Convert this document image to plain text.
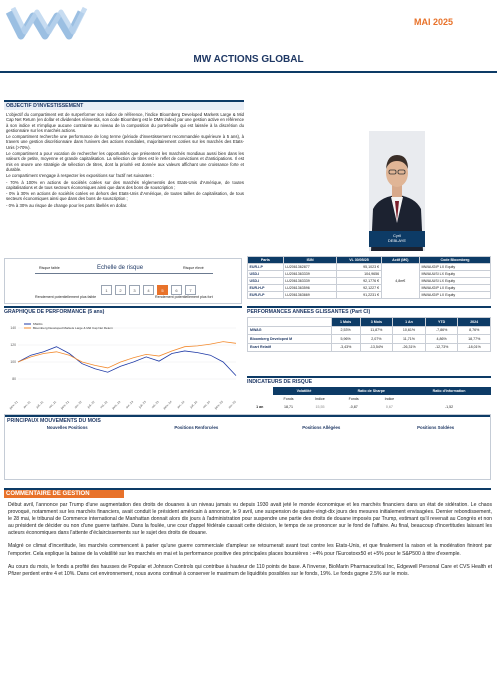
MAI 2025
MW ACTIONS GLOBAL
OBJECTIF D'INVESTISSEMENT

L'objectif du compartiment est de surperformer son indice de référence, l'indice Bloomberg Developed Markets Large & Mid Cap Net Return (en dollar et dividendes réinvestis, son code Bloomberg est le DMN index) par une gestion active en référence à son indice et n'implique aucune contrainte au niveau de la composition du portefeuille qui est laissée à la discrétion du gestionnaire sur les marchés actions.

Le compartiment recherche une performance de long terme (période d'investissement recommandée supérieure à 5 ans), à travers une gestion discrétionnaire dans l'univers des actions mondiales, majoritairement cotées sur les marchés des Etats-Unis (>70%).

Le compartiment a pour vocation de rechercher les opportunités que présentent les marchés mondiaux aussi bien dans les valeurs de petite, moyenne et grande capitalisation. La sélection de titres est le reflet de convictions et d'anticipations. Il est mis en œuvre une stratégie de sélection de titres, dont la priorité est donnée aux valeurs affichant une croissance forte et durable.

Le compartiment s'engage à respecter les expositions sur l'actif net suivantes :

- 70% à 100% en actions de sociétés cotées sur des marchés réglementés des Etats-Unis d'Amérique, de toutes capitalisations et de tous secteurs économiques ainsi que dans des bons de souscription ;

- 0% à 30% en actions de sociétés cotées en dehors des Etats-Unis d'Amérique, de toutes tailles de capitalisation, de tous secteurs économiques ainsi que dans des bons de souscription ;

- 0% à 30% au risque de change pour les parts libellés en dollar.

Cyril
DEBLAYE
Risque faible	Echelle de risque	Risque élevé
1	2	3	4	5	6	7
Rendement potentiellement plus faible	Rendement potentiellement plus fort
Parts	ISIN	VL 30/05/25	Actif (M€)	Code Bloomberg
EUR-I-P	LU2061362877	95,1023 €	4,8m€	MWAUGIP LX Equity
USD-I	LU2061363339	104,9656		MWAUUSI LX Equity
USD-I	LU2061363339	92,1776 €		MWAUUSI LX Equity
EUR-H-P	LU2061363596	92,1227 €		MWAUGIP LX Equity
EUR-R-P	LU2061363669	91,2231 €		MWAUGIP LX Equity
GRAPHIQUE DE PERFORMANCE (5 ans)
80
100
120
140
janv.-21 avr.-21 juil.-21 oct.-21 janv.-22 avr.-22 juil.-22 oct.-22 janv.-23 avr.-23 juil.-23 oct.-23 janv.-24 avr.-24 juil.-24 oct.-24 janv.-25 avr.-25
MWAG
Bloomberg Developed Markets Large & Mid Cap Net Return
PERFORMANCES ANNEES GLISSANTES (Part CI)
	1 Mois	3 Mois	1 An	YTD	2024
MWAG	2,53%	11,87%	10,61%	-7,86%	8,76%
Bloomberg Developed M	5,96%	2,07%	11,71%	4,86%	18,77%
Ecart Relatif	-3,43%	-13,54%	-26,31%	-12,73%	-18,01%
INDICATEURS DE RISQUE
	Volatilité		Ratio de Sharpe		Ratio d'Information
	Fonds	Indice	Fonds	Indice	
1 an	18,71	15,55	-0,87	0,67	-1,52
PRINCIPAUX MOUVEMENTS DU MOIS
Nouvelles Positions	Positions Renforcées	Positions Allégées	Positions Soldées
COMMENTAIRE DE GESTION

Début avril, l'annonce par Trump d'une augmentation des droits de douanes à un niveau jamais vu depuis 1930 avait jeté le monde économique et les marchés financiers dans un état de sidération. Le chaos provoqué, notamment sur les marchés financiers, avait conduit le président américain à annoncer, le 9 avril, une suspension de quatre-vingt-dix jours des mesures initialement envisagées. Dernier rebondissement, le 28 mai, le tribunal de Commerce international de Manhattan donnait alors dix jours à l'administration pour suspendre une partie des droits de douane imposés par Trump, estimant qu'il revenait au Congrès et non au président de décider ou non d'une guerre tarifaire. Dans la foulée, une cour d'appel fédérale cassait cette décision, le temps de se prononcer sur le fond de l'affaire. Au final, beaucoup d'incertitudes laissant les acteurs économiques dans l'attente d'éclaircissements sur le sujet des droits de douane.

Malgré ce climat d'incertitude, les marchés commencent à parier qu'une guerre commerciale d'ampleur se retournerait avant tout contre les Etats-Unis, et que finalement la raison et la modération finiront par l'emporter. Cela explique la baisse de la volatilité sur les marchés en mai et la performance positive des principales places boursières : +4% pour l'Eurostoxx50 et +5% pour le S&P500 à titre d'exemple.

Au cours du mois, le fonds a profité des hausses de Popular et Johnson Controls qui contribue à hauteur de 110 points de base. A l'inverse, BioMarin Pharmaceutical Inc, Edgewell Personal Care et CVS Health et Pfizer perdent entre 4 et 10%. Dans cet environnement, nous avons continué à conserver le maximum de liquidités possibles sur le fonds, 19%. Le fonds gagne 2.5% sur le mois.
